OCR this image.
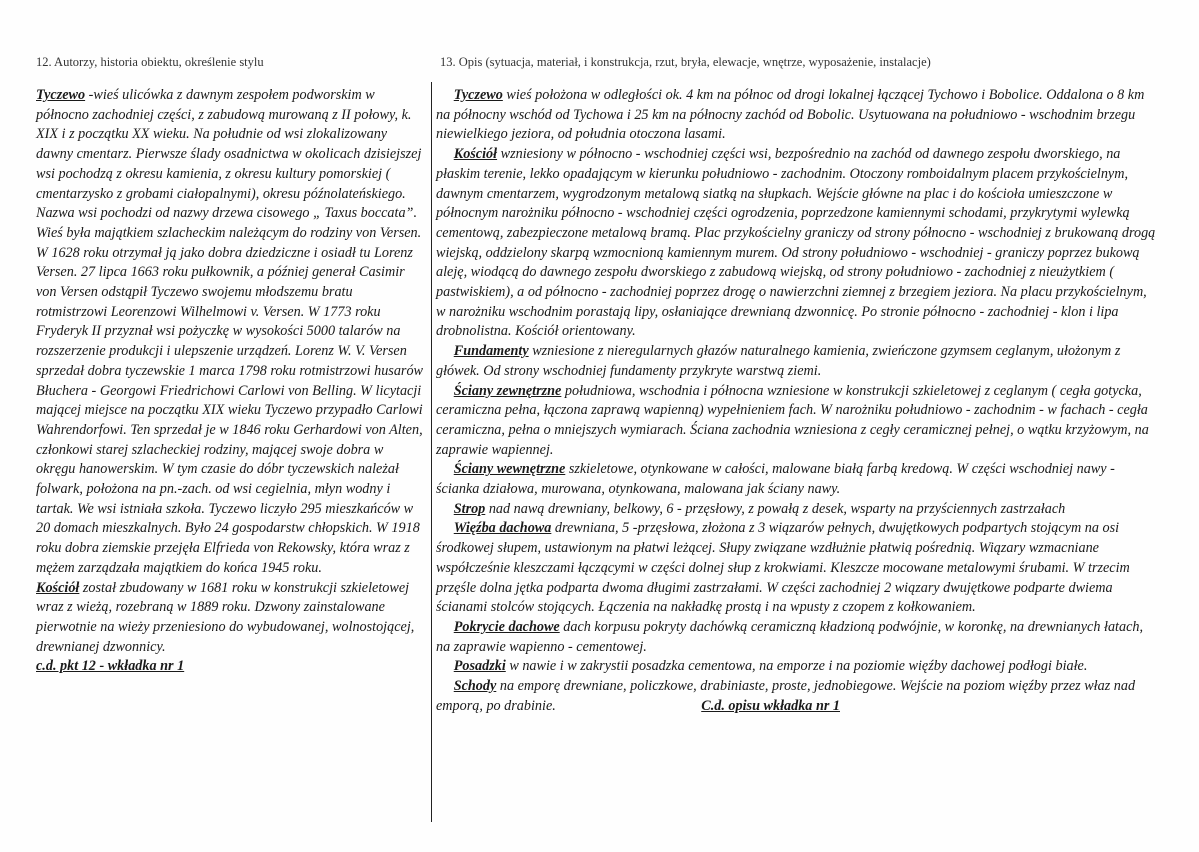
12. Autorzy, historia obiektu, określenie stylu	13. Opis (sytuacja, materiał, i konstrukcja, rzut, bryła, elewacje, wnętrze, wyposażenie, instalacje)

Tyczewo -wieś ulicówka z dawnym zespołem podworskim w północno zachodniej części, z zabudową murowaną z II połowy, k. XIX i z początku XX wieku. Na południe od wsi zlokalizowany dawny cmentarz. Pierwsze ślady osadnictwa w okolicach dzisiejszej wsi pochodzą z okresu kamienia, z okresu kultury pomorskiej ( cmentarzysko z grobami ciałopalnymi), okresu późnolateńskiego. Nazwa wsi pochodzi od nazwy drzewa cisowego „ Taxus boccata”. Wieś była majątkiem szlacheckim należącym do rodziny von Versen. W 1628 roku otrzymał ją jako dobra dziedziczne i osiadł tu Lorenz Versen. 27 lipca 1663 roku pułkownik, a później generał Casimir von Versen odstąpił Tyczewo swojemu młodszemu bratu rotmistrzowi Leorenzowi Wilhelmowi v. Versen. W 1773 roku Fryderyk II przyznał wsi pożyczkę w wysokości 5000 talarów na rozszerzenie produkcji i ulepszenie urządzeń. Lorenz W. V. Versen sprzedał dobra tyczewskie 1 marca 1798 roku rotmistrzowi husarów Błuchera - Georgowi Friedrichowi Carlowi von Belling. W licytacji mającej miejsce na początku XIX wieku Tyczewo przypadło Carlowi Wahrendorfowi. Ten sprzedał je w 1846 roku Gerhardowi von Alten, członkowi starej szlacheckiej rodziny, mającej swoje dobra w okręgu hanowerskim. W tym czasie do dóbr tyczewskich należał folwark, położona na pn.-zach. od wsi cegielnia, młyn wodny i tartak. We wsi istniała szkoła. Tyczewo liczyło 295 mieszkańców w 20 domach mieszkalnych. Było 24 gospodarstw chłopskich. W 1918 roku dobra ziemskie przejęła Elfrieda von Rekowsky, która wraz z mężem zarządzała majątkiem do końca 1945 roku.

Kościół został zbudowany w 1681 roku w konstrukcji szkieletowej wraz z wieżą, rozebraną w 1889 roku. Dzwony zainstalowane pierwotnie na wieży przeniesiono do wybudowanej, wolnostojącej, drewnianej dzwonnicy.

c.d. pkt 12 - wkładka nr 1

Tyczewo wieś położona w odległości ok. 4 km na północ od drogi lokalnej łączącej Tychowo i Bobolice. Oddalona o 8 km na północny wschód od Tychowa i 25 km na północny zachód od Bobolic. Usytuowana na południowo - wschodnim brzegu niewielkiego jeziora, od południa otoczona lasami.

Kościół wzniesiony w północno - wschodniej części wsi, bezpośrednio na zachód od dawnego zespołu dworskiego, na płaskim terenie, lekko opadającym w kierunku południowo - zachodnim. Otoczony romboidalnym placem przykościelnym, dawnym cmentarzem, wygrodzonym metalową siatką na słupkach. Wejście główne na plac i do kościoła umieszczone w północnym narożniku północno - wschodniej części ogrodzenia, poprzedzone kamiennymi schodami, przykrytymi wylewką cementową, zabezpieczone metalową bramą. Plac przykościelny graniczy od strony północno - wschodniej z brukowaną drogą wiejską, oddzielony skarpą wzmocnioną kamiennym murem. Od strony południowo - wschodniej - graniczy poprzez bukową aleję, wiodącą do dawnego zespołu dworskiego z zabudową wiejską, od strony południowo - zachodniej z nieużytkiem ( pastwiskiem), a od północno - zachodniej poprzez drogę o nawierzchni ziemnej z brzegiem jeziora. Na placu przykościelnym, w narożniku wschodnim porastają lipy, osłaniające drewnianą dzwonnicę. Po stronie północno - zachodniej - klon i lipa drobnolistna. Kościół orientowany.

Fundamenty wzniesione z nieregularnych głazów naturalnego kamienia, zwieńczone gzymsem ceglanym, ułożonym z główek. Od strony wschodniej fundamenty przykryte warstwą ziemi.

Ściany zewnętrzne południowa, wschodnia i północna wzniesione w konstrukcji szkieletowej z ceglanym ( cegła gotycka, ceramiczna pełna, łączona zaprawą wapienną) wypełnieniem fach. W narożniku południowo - zachodnim - w fachach - cegła ceramiczna, pełna o mniejszych wymiarach. Ściana zachodnia wzniesiona z cegły ceramicznej pełnej, o wątku krzyżowym, na zaprawie wapiennej.

Ściany wewnętrzne szkieletowe, otynkowane w całości, malowane białą farbą kredową. W części wschodniej nawy - ścianka działowa, murowana, otynkowana, malowana jak ściany nawy.

Strop nad nawą drewniany, belkowy, 6 - przęsłowy, z powałą z desek, wsparty na przyściennych zastrzałach

Więźba dachowa drewniana, 5 -przęsłowa, złożona z 3 wiązarów pełnych, dwujętkowych podpartych stojącym na osi środkowej słupem, ustawionym na płatwi leżącej. Słupy związane wzdłużnie płatwią pośrednią. Wiązary wzmacniane współcześnie kleszczami łączącymi w części dolnej słup z krokwiami. Kleszcze mocowane metalowymi śrubami. W trzecim przęśle dolna jętka podparta dwoma długimi zastrzałami. W części zachodniej 2 wiązary dwujętkowe podparte dwiema ścianami stolców stojących. Łączenia na nakładkę prostą i na wpusty z czopem z kołkowaniem.

Pokrycie dachowe dach korpusu pokryty dachówką ceramiczną kładzioną podwójnie, w koronkę, na drewnianych łatach, na zaprawie wapienno - cementowej.

Posadzki w nawie i w zakrystii posadzka cementowa, na emporze i na poziomie więźby dachowej podłogi białe.

Schody na emporę drewniane, policzkowe, drabiniaste, proste, jednobiegowe. Wejście na poziom więźby przez właz nad emporą, po drabinie.	C.d. opisu wkładka nr 1
